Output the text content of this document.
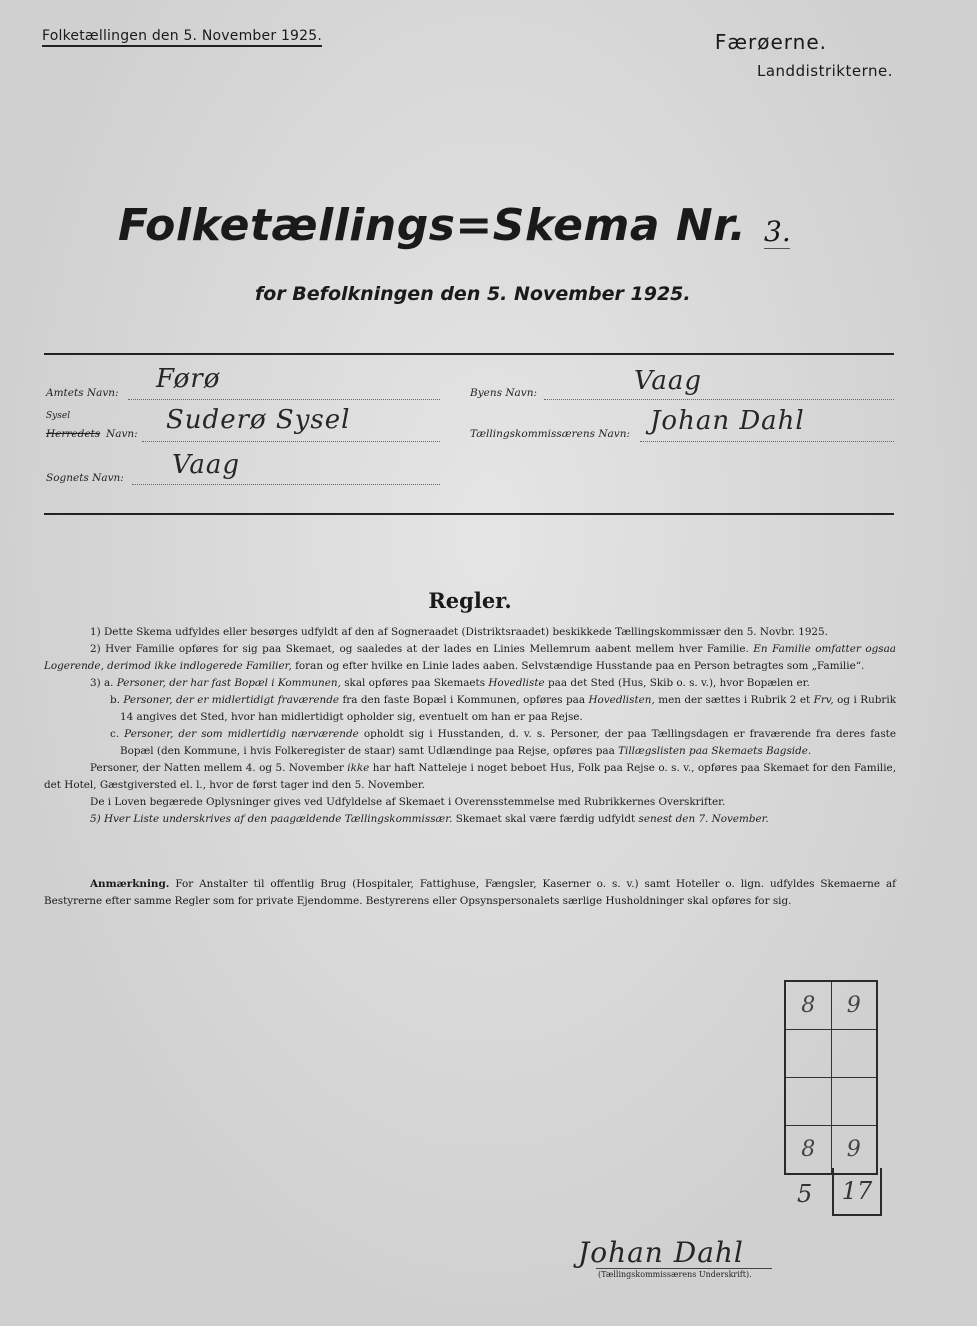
Folketællingen den 5. November 1925.	Færøerne.
Landdistrikterne.
Folketællings=Skema Nr. 3.
for Befolkningen den 5. November 1925.
Amtets Navn: Førø
Sysel
Herredets Navn: Suderø Sysel
Sognets Navn: Vaag
Byens Navn:	Vaag
Tællingskommissærens Navn: Johan Dahl
Regler.

1) Dette Skema udfyldes eller besørges udfyldt af den af Sogneraadet (Distriktsraadet) beskikkede Tællingskommissær den 5. Novbr. 1925.

2) Hver Familie opføres for sig paa Skemaet, og saaledes at der lades en Linies Mellemrum aabent mellem hver Familie. En Familie omfatter ogsaa Logerende, derimod ikke indlogerede Familier, foran og efter hvilke en Linie lades aaben. Selvstændige Husstande paa en Person betragtes som „Familie“.

3) a. Personer, der har fast Bopæl i Kommunen, skal opføres paa Skemaets Hovedliste paa det Sted (Hus, Skib o. s. v.), hvor Bopælen er.

b. Personer, der er midlertidigt fraværende fra den faste Bopæl i Kommunen, opføres paa Hovedlisten, men der sættes i Rubrik 2 et Frv, og i Rubrik 14 angives det Sted, hvor han midlertidigt opholder sig, eventuelt om han er paa Rejse.

c. Personer, der som midlertidig nærværende opholdt sig i Husstanden, d. v. s. Personer, der paa Tællingsdagen er fraværende fra deres faste Bopæl (den Kommune, i hvis Folkeregister de staar) samt Udlændinge paa Rejse, opføres paa Tillægslisten paa Skemaets Bagside.

Personer, der Natten mellem 4. og 5. November ikke har haft Natteleje i noget beboet Hus, Folk paa Rejse o. s. v., opføres paa Skemaet for den Familie, det Hotel, Gæstgiversted el. l., hvor de først tager ind den 5. November.

De i Loven begærede Oplysninger gives ved Udfyldelse af Skemaet i Overensstemmelse med Rubrikkernes Overskrifter.

5) Hver Liste underskrives af den paagældende Tællingskommissær. Skemaet skal være færdig udfyldt senest den 7. November.

Anmærkning. For Anstalter til offentlig Brug (Hospitaler, Fattighuse, Fængsler, Kaserner o. s. v.) samt Hoteller o. lign. udfyldes Skemaerne af Bestyrerne efter samme Regler som for private Ejendomme. Bestyrerens eller Opsynspersonalets særlige Husholdninger skal opføres for sig.

8	9

8	9
5	17
Johan Dahl
(Tællingskommissærens Underskrift).
